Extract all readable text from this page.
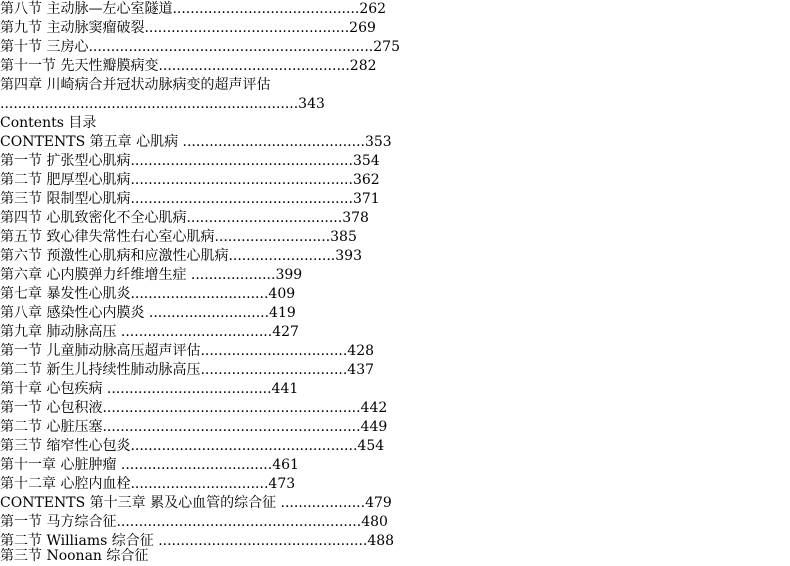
第八节 主动脉—左心室隧道..........................................262
第九节 主动脉窦瘤破裂..............................................269
第十节 三房心................................................................275
第十一节 先天性瓣膜病变...........................................282
第四章 川崎病合并冠状动脉病变的超声评估
...................................................................343
Contents 目录
CONTENTS 第五章 心肌病 .........................................353
第一节 扩张型心肌病..................................................354
第二节 肥厚型心肌病..................................................362
第三节 限制型心肌病..................................................371
第四节 心肌致密化不全心肌病...................................378
第五节 致心律失常性右心室心肌病..........................385
第六节 预激性心肌病和应激性心肌病........................393
第六章 心内膜弹力纤维增生症 ...................399
第七章 暴发性心肌炎...............................409
第八章 感染性心内膜炎 ...........................419
第九章 肺动脉高压 ..................................427
第一节 儿童肺动脉高压超声评估.................................428
第二节 新生儿持续性肺动脉高压.................................437
第十章 心包疾病 .....................................441
第一节 心包积液..........................................................442
第二节 心脏压塞..........................................................449
第三节 缩窄性心包炎...................................................454
第十一章 心脏肿瘤 ..................................461
第十二章 心腔内血栓...............................473
CONTENTS 第十三章 累及心血管的综合征 ...................479
第一节 马方综合征.......................................................480
第二节 Williams 综合征 ...............................................488
第三节 Noonan 综合征
